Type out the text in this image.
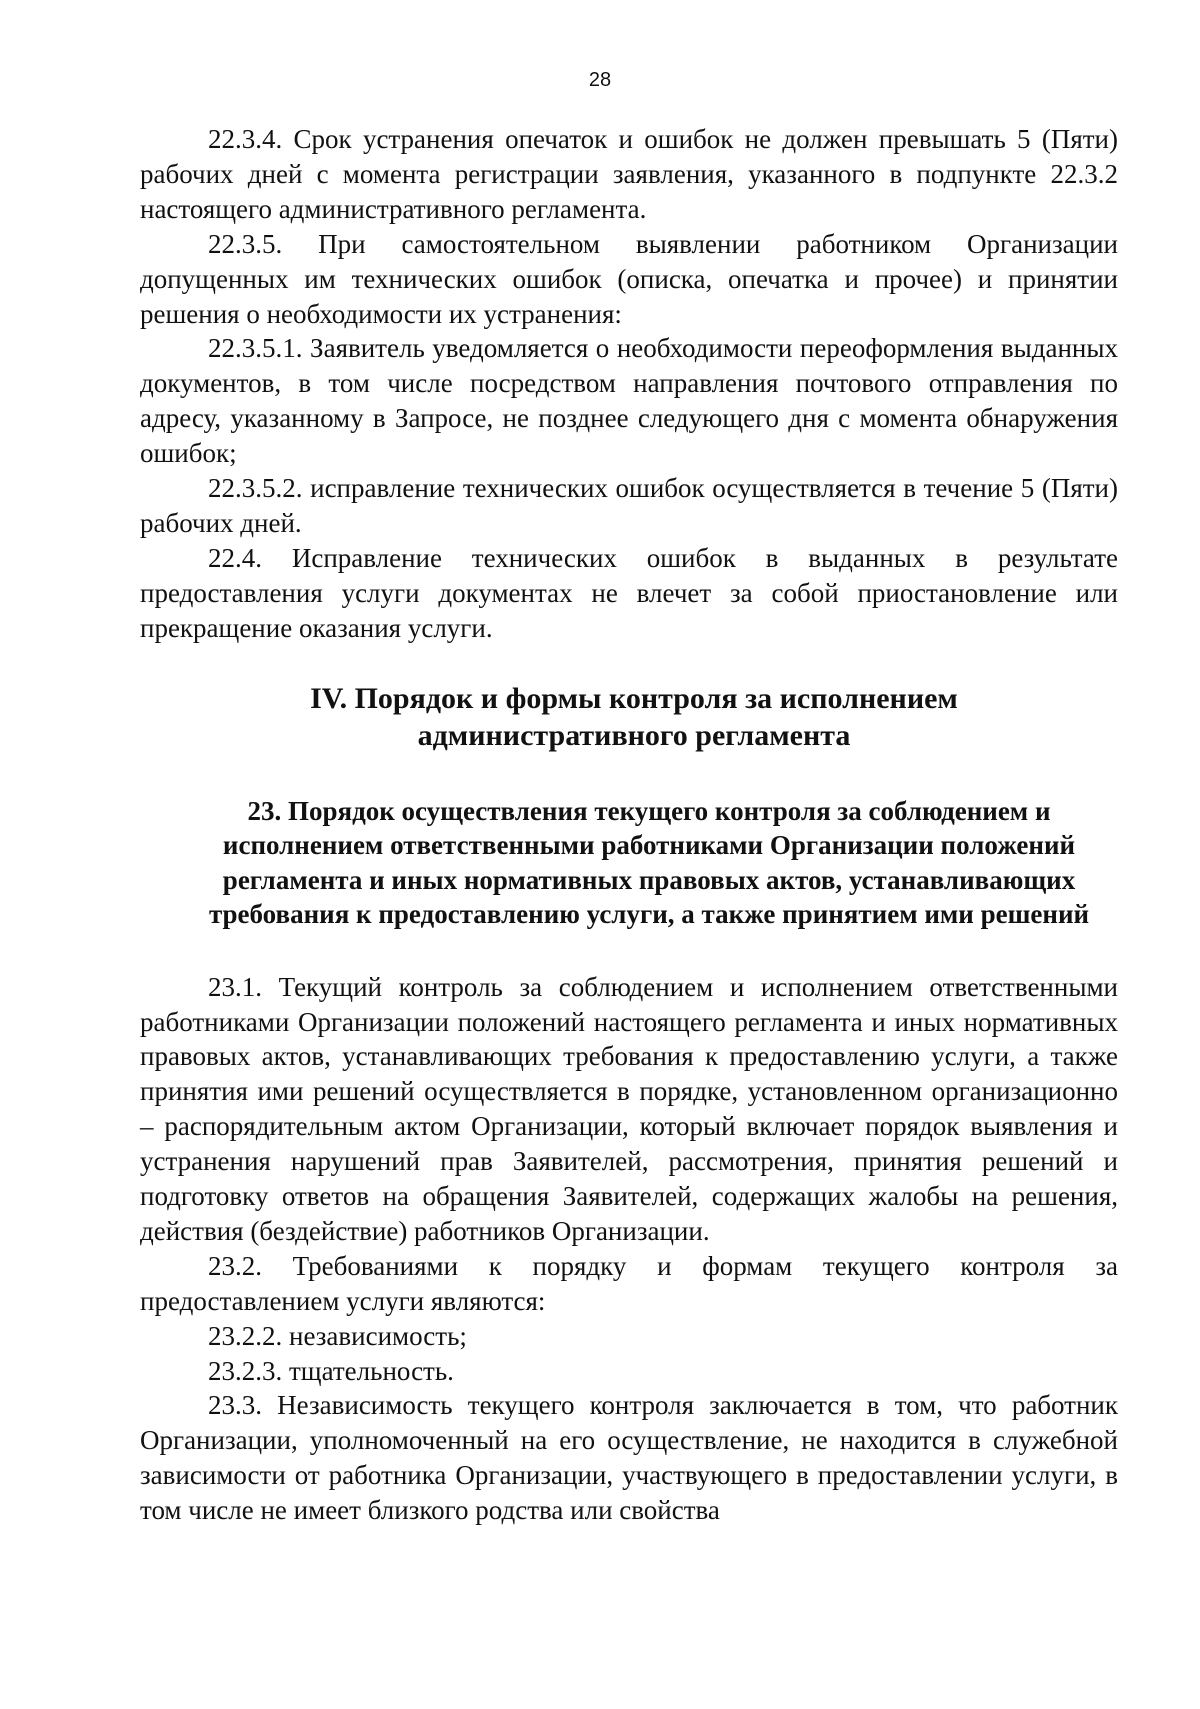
28

22.3.4. Срок устранения опечаток и ошибок не должен превышать 5 (Пяти) рабочих дней с момента регистрации заявления, указанного в подпункте 22.3.2 настоящего административного регламента.

22.3.5. При самостоятельном выявлении работником Организации допущенных им технических ошибок (описка, опечатка и прочее) и принятии решения о необходимости их устранения:

22.3.5.1. Заявитель уведомляется о необходимости переоформления выданных документов, в том числе посредством направления почтового отправления по адресу, указанному в Запросе, не позднее следующего дня с момента обнаружения ошибок;

22.3.5.2. исправление технических ошибок осуществляется в течение 5 (Пяти) рабочих дней.

22.4. Исправление технических ошибок в выданных в результате предоставления услуги документах не влечет за собой приостановление или прекращение оказания услуги.

IV. Порядок и формы контроля за исполнением
административного регламента
23. Порядок осуществления текущего контроля за соблюдением и
исполнением ответственными работниками Организации положений
регламента и иных нормативных правовых актов, устанавливающих
требования к предоставлению услуги, а также принятием ими решений

23.1. Текущий контроль за соблюдением и исполнением ответственными работниками Организации положений настоящего регламента и иных нормативных правовых актов, устанавливающих требования к предоставлению услуги, а также принятия ими решений осуществляется в порядке, установленном организационно – распорядительным актом Организации, который включает порядок выявления и устранения нарушений прав Заявителей, рассмотрения, принятия решений и подготовку ответов на обращения Заявителей, содержащих жалобы на решения, действия (бездействие) работников Организации.

23.2. Требованиями к порядку и формам текущего контроля за предоставлением услуги являются:

23.2.2. независимость;

23.2.3. тщательность.

23.3. Независимость текущего контроля заключается в том, что работник Организации, уполномоченный на его осуществление, не находится в служебной зависимости от работника Организации, участвующего в предоставлении услуги, в том числе не имеет близкого родства или свойства
